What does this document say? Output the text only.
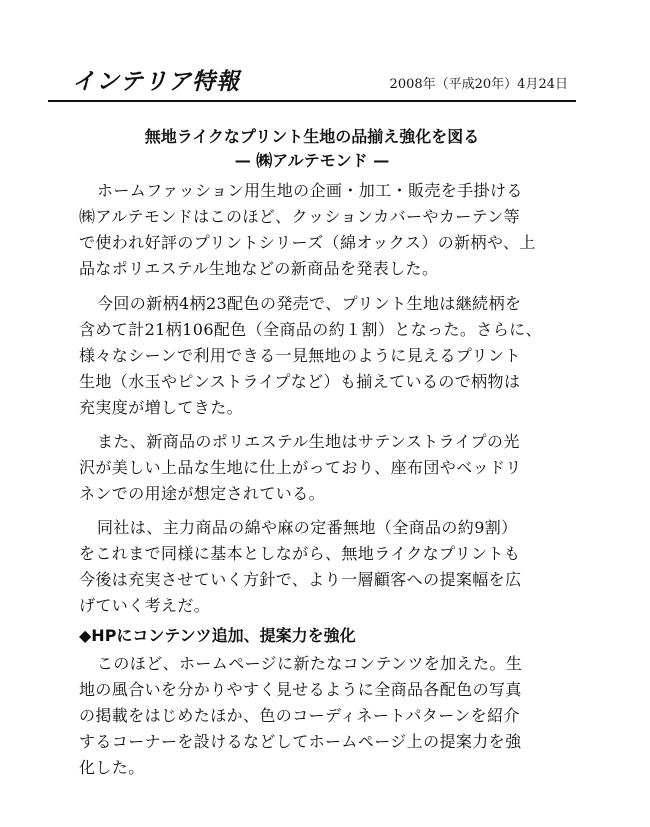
インテリア特報	2008年（平成20年）4月24日
無地ライクなプリント生地の品揃え強化を図る
— ㈱アルテモンド —

ホームファッション用生地の企画・加工・販売を手掛ける
㈱アルテモンドはこのほど、クッションカバーやカーテン等
で使われ好評のプリントシリーズ（綿オックス）の新柄や、上
品なポリエステル生地などの新商品を発表した。

今回の新柄4柄23配色の発売で、プリント生地は継続柄を
含めて計21柄106配色（全商品の約１割）となった。さらに、
様々なシーンで利用できる一見無地のように見えるプリント
生地（水玉やピンストライプなど）も揃えているので柄物は
充実度が増してきた。

また、新商品のポリエステル生地はサテンストライプの光
沢が美しい上品な生地に仕上がっており、座布団やベッドリ
ネンでの用途が想定されている。

同社は、主力商品の綿や麻の定番無地（全商品の約9割）
をこれまで同様に基本としながら、無地ライクなプリントも
今後は充実させていく方針で、より一層顧客への提案幅を広
げていく考えだ。

◆HPにコンテンツ追加、提案力を強化

このほど、ホームページに新たなコンテンツを加えた。生
地の風合いを分かりやすく見せるように全商品各配色の写真
の掲載をはじめたほか、色のコーディネートパターンを紹介
するコーナーを設けるなどしてホームページ上の提案力を強
化した。
